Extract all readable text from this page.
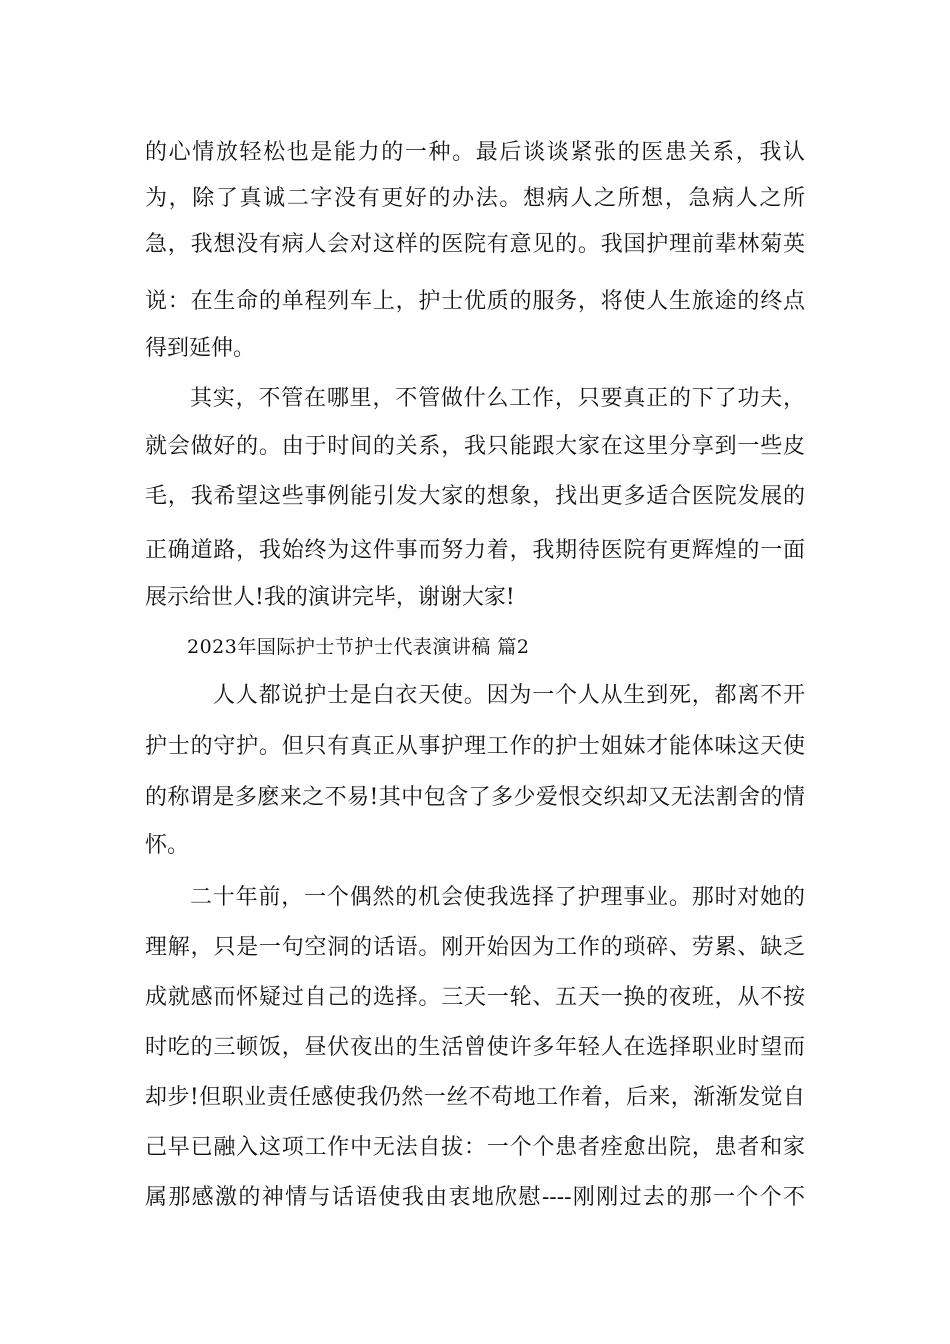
的心情放轻松也是能力的一种。最后谈谈紧张的医患关系，我认
为，除了真诚二字没有更好的办法。想病人之所想，急病人之所
急，我想没有病人会对这样的医院有意见的。我国护理前辈林菊英
说：在生命的单程列车上，护士优质的服务，将使人生旅途的终点
得到延伸。
其实，不管在哪里，不管做什么工作，只要真正的下了功夫，
就会做好的。由于时间的关系，我只能跟大家在这里分享到一些皮
毛，我希望这些事例能引发大家的想象，找出更多适合医院发展的
正确道路，我始终为这件事而努力着，我期待医院有更辉煌的一面
展示给世人!我的演讲完毕，谢谢大家!
2023年国际护士节护士代表演讲稿 篇2
人人都说护士是白衣天使。因为一个人从生到死，都离不开
护士的守护。但只有真正从事护理工作的护士姐妹才能体味这天使
的称谓是多麽来之不易!其中包含了多少爱恨交织却又无法割舍的情
怀。
二十年前，一个偶然的机会使我选择了护理事业。那时对她的
理解，只是一句空洞的话语。刚开始因为工作的琐碎、劳累、缺乏
成就感而怀疑过自己的选择。三天一轮、五天一换的夜班，从不按
时吃的三顿饭，昼伏夜出的生活曾使许多年轻人在选择职业时望而
却步!但职业责任感使我仍然一丝不苟地工作着，后来，渐渐发觉自
己早已融入这项工作中无法自拔：一个个患者痊愈出院，患者和家
属那感激的神情与话语使我由衷地欣慰----刚刚过去的那一个个不
